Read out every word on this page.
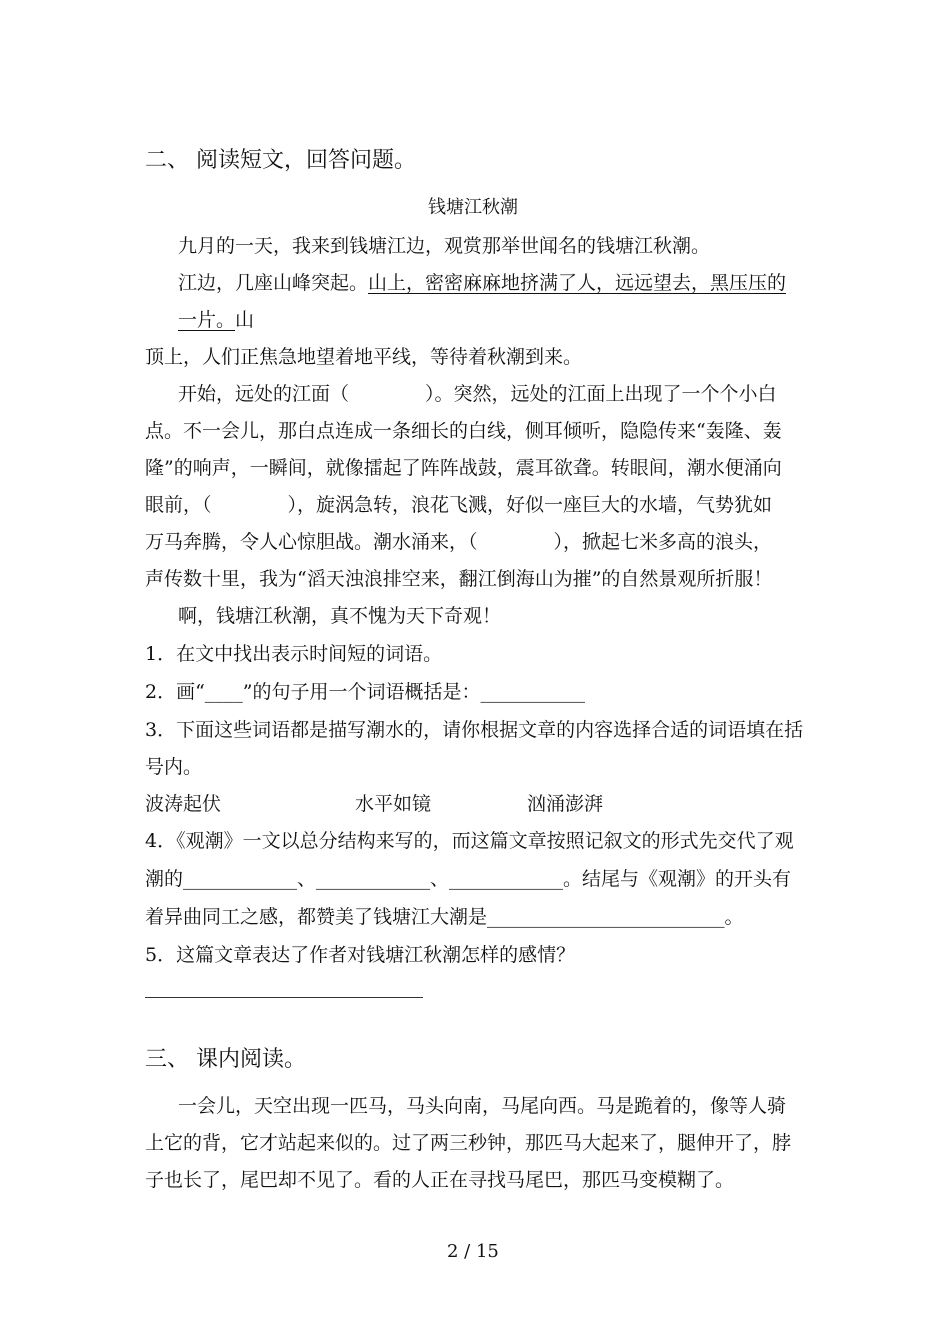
二、 阅读短文，回答问题。
钱塘江秋潮
九月的一天，我来到钱塘江边，观赏那举世闻名的钱塘江秋潮。
江边，几座山峰突起。山上，密密麻麻地挤满了人，远远望去，黑压压的
一片。山
顶上，人们正焦急地望着地平线，等待着秋潮到来。
开始，远处的江面（　　　　）。突然，远处的江面上出现了一个个小白
点。不一会儿，那白点连成一条细长的白线，侧耳倾听，隐隐传来“轰隆、轰
隆”的响声，一瞬间，就像擂起了阵阵战鼓，震耳欲聋。转眼间，潮水便涌向
眼前，（　　　　），旋涡急转，浪花飞溅，好似一座巨大的水墙，气势犹如
万马奔腾，令人心惊胆战。潮水涌来，（　　　　），掀起七米多高的浪头，
声传数十里，我为“滔天浊浪排空来，翻江倒海山为摧”的自然景观所折服！
啊，钱塘江秋潮，真不愧为天下奇观！
1．在文中找出表示时间短的词语。
2．画“____”的句子用一个词语概括是：___________
3．下面这些词语都是描写潮水的，请你根据文章的内容选择合适的词语填在括
号内。
波涛起伏	水平如镜	汹涌澎湃
4．《观潮》一文以总分结构来写的，而这篇文章按照记叙文的形式先交代了观
潮的____________、____________、____________。结尾与《观潮》的开头有
着异曲同工之感，都赞美了钱塘江大潮是_________________________。
5．这篇文章表达了作者对钱塘江秋潮怎样的感情？
三、 课内阅读。
一会儿，天空出现一匹马，马头向南，马尾向西。马是跪着的，像等人骑
上它的背，它才站起来似的。过了两三秒钟，那匹马大起来了，腿伸开了，脖
子也长了，尾巴却不见了。看的人正在寻找马尾巴，那匹马变模糊了。
2 / 15
